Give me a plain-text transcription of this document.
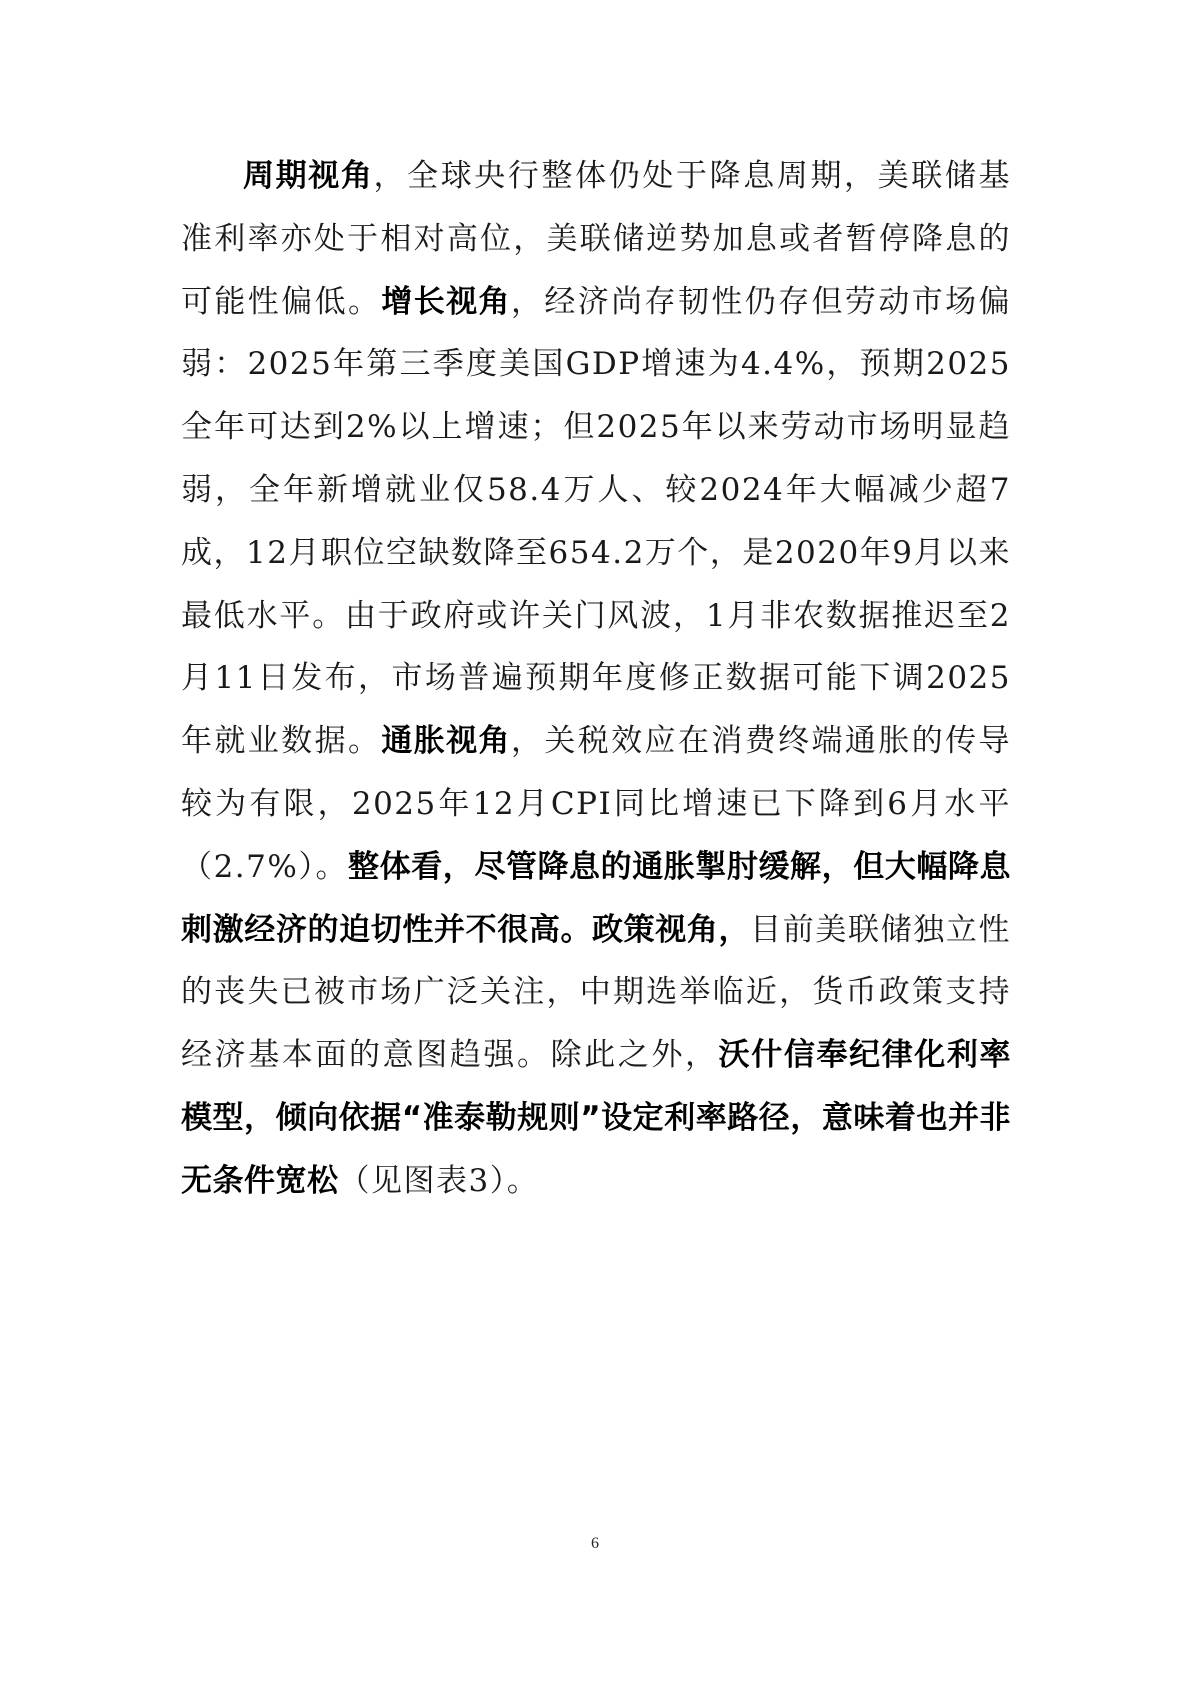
周期视角，全球央行整体仍处于降息周期，美联储基准利率亦处于相对高位，美联储逆势加息或者暂停降息的可能性偏低。增长视角，经济尚存韧性仍存但劳动市场偏弱：2025年第三季度美国GDP增速为4.4%，预期2025全年可达到2%以上增速；但2025年以来劳动市场明显趋弱，全年新增就业仅58.4万人、较2024年大幅减少超7成，12月职位空缺数降至654.2万个，是2020年9月以来最低水平。由于政府或许关门风波，1月非农数据推迟至2月11日发布，市场普遍预期年度修正数据可能下调2025年就业数据。通胀视角，关税效应在消费终端通胀的传导较为有限，2025年12月CPI同比增速已下降到6月水平（2.7%）。整体看，尽管降息的通胀掣肘缓解，但大幅降息刺激经济的迫切性并不很高。政策视角，目前美联储独立性的丧失已被市场广泛关注，中期选举临近，货币政策支持经济基本面的意图趋强。除此之外，沃什信奉纪律化利率模型，倾向依据“准泰勒规则”设定利率路径，意味着也并非无条件宽松（见图表3）。

6
